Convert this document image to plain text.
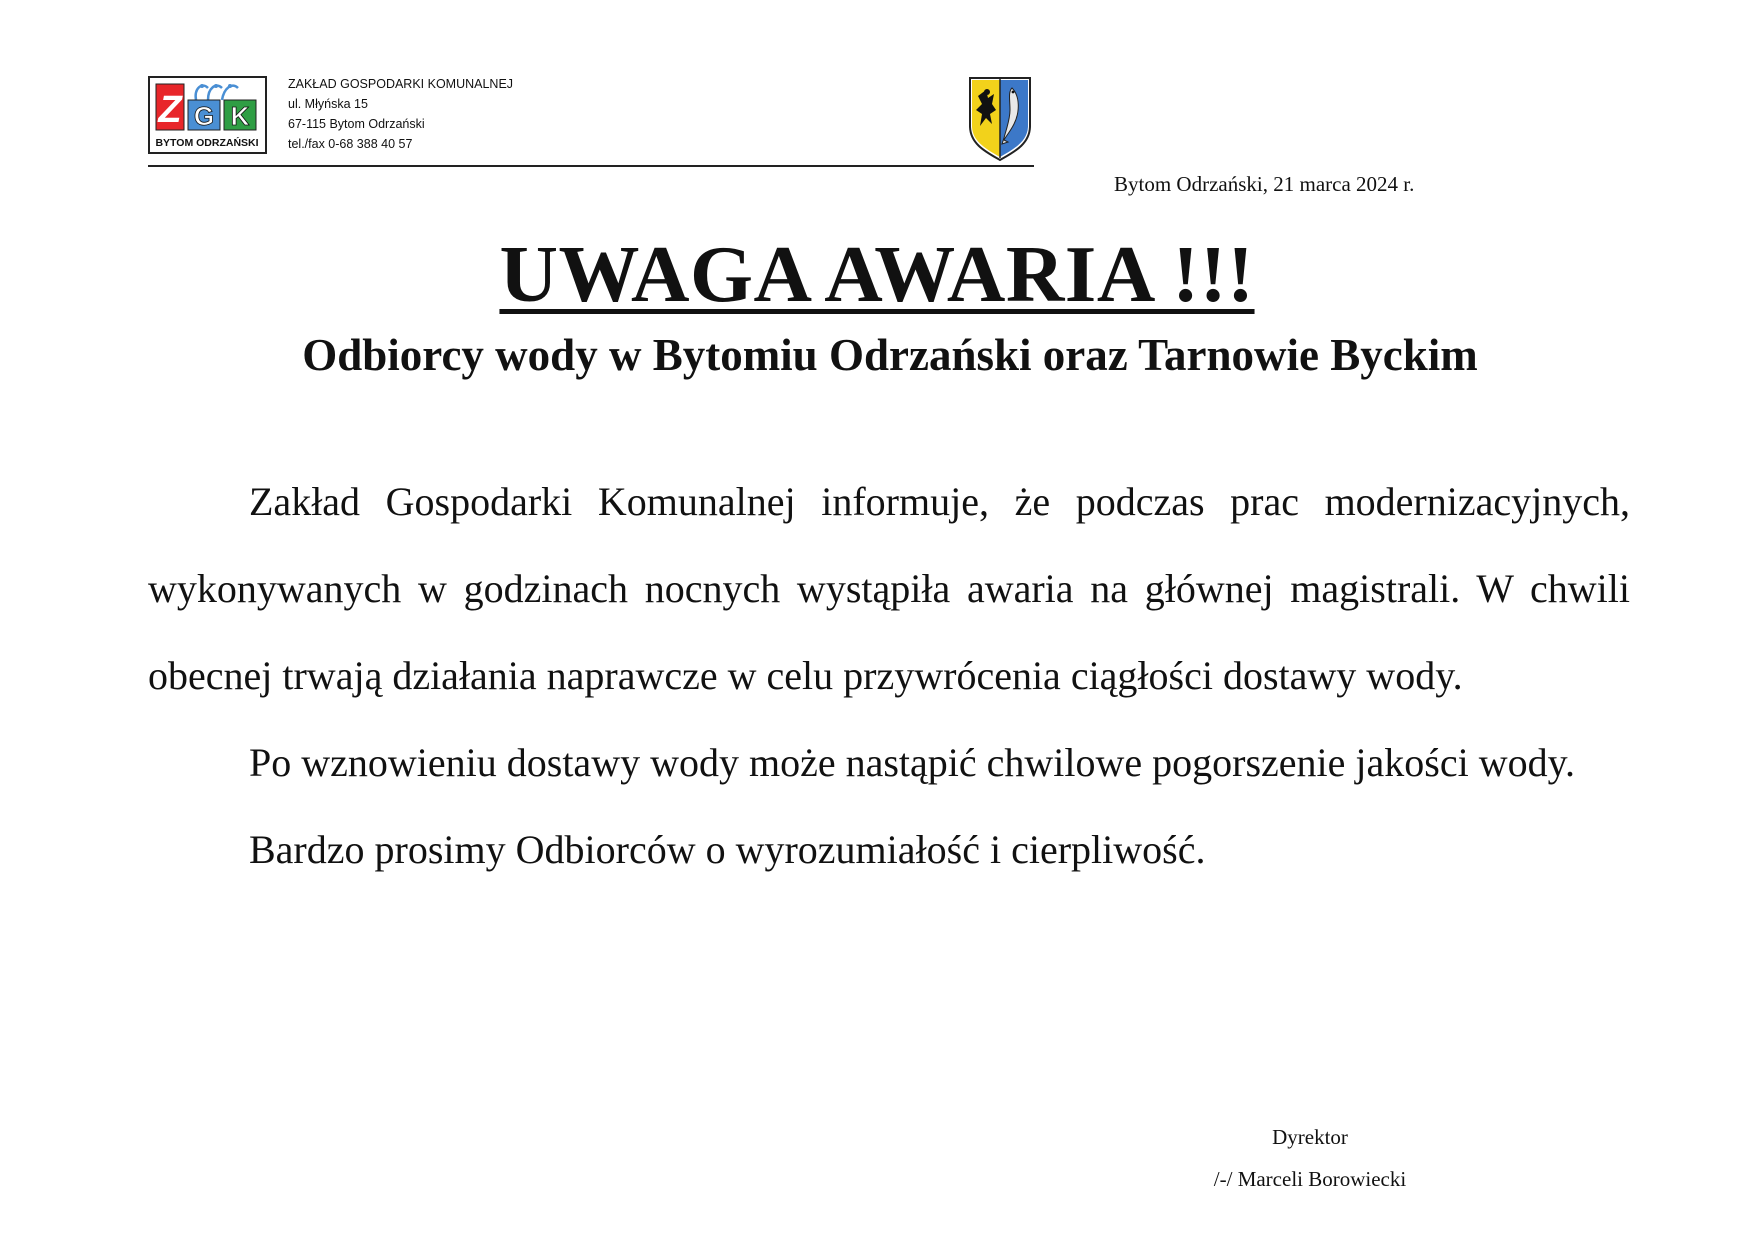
Z G K
BYTOM ODRZAŃSKI
ZAKŁAD GOSPODARKI KOMUNALNEJ
ul. Młyńska 15
67-115 Bytom Odrzański
tel./fax 0-68 388 40 57
Bytom Odrzański, 21 marca 2024 r.
UWAGA AWARIA !!!
Odbiorcy wody w Bytomiu Odrzański oraz Tarnowie Byckim

Zakład Gospodarki Komunalnej informuje, że podczas prac modernizacyjnych, wykonywanych w godzinach nocnych wystąpiła awaria na głównej magistrali. W chwili obecnej trwają działania naprawcze w celu przywrócenia ciągłości dostawy wody.

Po wznowieniu dostawy wody może nastąpić chwilowe pogorszenie jakości wody.

Bardzo prosimy Odbiorców o wyrozumiałość i cierpliwość.

Dyrektor
/-/ Marceli Borowiecki
